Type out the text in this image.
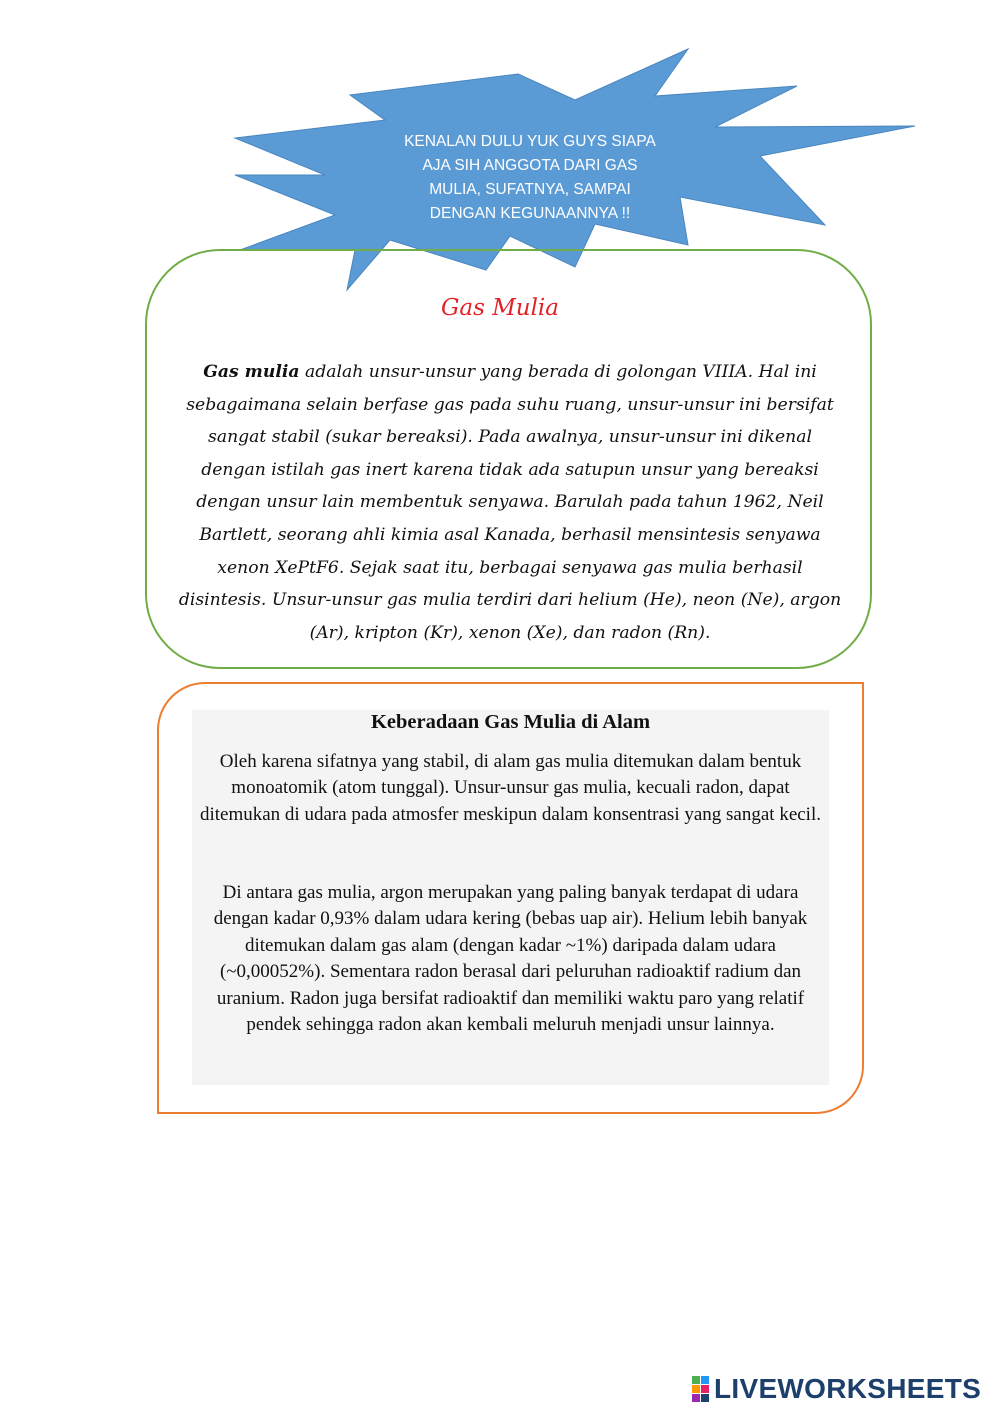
KENALAN DULU YUK GUYS SIAPA
AJA SIH ANGGOTA DARI GAS
MULIA, SUFATNYA, SAMPAI
DENGAN KEGUNAANNYA !!
Gas Mulia
Gas mulia adalah unsur-unsur yang berada di golongan VIIIA. Hal ini sebagaimana selain berfase gas pada suhu ruang, unsur-unsur ini bersifat sangat stabil (sukar bereaksi). Pada awalnya, unsur-unsur ini dikenal dengan istilah gas inert karena tidak ada satupun unsur yang bereaksi dengan unsur lain membentuk senyawa. Barulah pada tahun 1962, Neil Bartlett, seorang ahli kimia asal Kanada, berhasil mensintesis senyawa xenon XePtF6. Sejak saat itu, berbagai senyawa gas mulia berhasil disintesis. Unsur-unsur gas mulia terdiri dari helium (He), neon (Ne), argon (Ar), kripton (Kr), xenon (Xe), dan radon (Rn).
Keberadaan Gas Mulia di Alam
Oleh karena sifatnya yang stabil, di alam gas mulia ditemukan dalam bentuk monoatomik (atom tunggal). Unsur-unsur gas mulia, kecuali radon, dapat ditemukan di udara pada atmosfer meskipun dalam konsentrasi yang sangat kecil.
Di antara gas mulia, argon merupakan yang paling banyak terdapat di udara dengan kadar 0,93% dalam udara kering (bebas uap air). Helium lebih banyak ditemukan dalam gas alam (dengan kadar ~1%) daripada dalam udara (~0,00052%). Sementara radon berasal dari peluruhan radioaktif radium dan uranium. Radon juga bersifat radioaktif dan memiliki waktu paro yang relatif pendek sehingga radon akan kembali meluruh menjadi unsur lainnya.
LIVEWORKSHEETS
